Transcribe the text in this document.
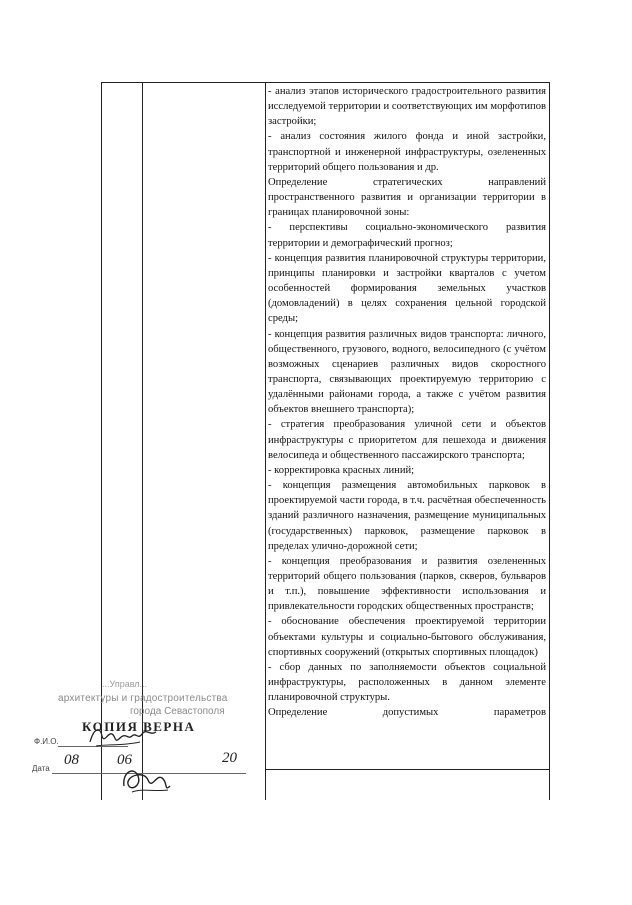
- анализ этапов исторического градостроительного развития исследуемой территории и соответствующих им морфотипов застройки;

- анализ состояния жилого фонда и иной застройки, транспортной и инженерной инфраструктуры, озелененных территорий общего пользования и др.

Определение стратегических направлений пространственного развития и организации территории в границах планировочной зоны:

- перспективы социально-экономического развития территории и демографический прогноз;

- концепция развития планировочной структуры территории, принципы планировки и застройки кварталов с учетом особенностей формирования земельных участков (домовладений) в целях сохранения цельной городской среды;

- концепция развития различных видов транспорта: личного, общественного, грузового, водного, велосипедного (с учётом возможных сценариев различных видов скоростного транспорта, связывающих проектируемую территорию с удалёнными районами города, а также с учётом развития объектов внешнего транспорта);

- стратегия преобразования уличной сети и объектов инфраструктуры с приоритетом для пешехода и движения велосипеда и общественного пассажирского транспорта;

- корректировка красных линий;

- концепция размещения автомобильных парковок в проектируемой части города, в т.ч. расчётная обеспеченность зданий различного назначения, размещение муниципальных (государственных) парковок, размещение парковок в пределах улично-дорожной сети;

- концепция преобразования и развития озелененных территорий общего пользования (парков, скверов, бульваров и т.п.), повышение эффективности использования и привлекательности городских общественных пространств;

- обоснование обеспечения проектируемой территории объектами культуры и социально-бытового обслуживания, спортивных сооружений (открытых спортивных площадок)

- сбор данных по заполняемости объектов социальной инфраструктуры, расположенных в данном элементе планировочной структуры.

Определение допустимых параметров

...Управл...
архитектуры и градостроительства
города Севастополя
КОПИЯ ВЕРНА
Ф.И.О.
Дата
08	06	20
